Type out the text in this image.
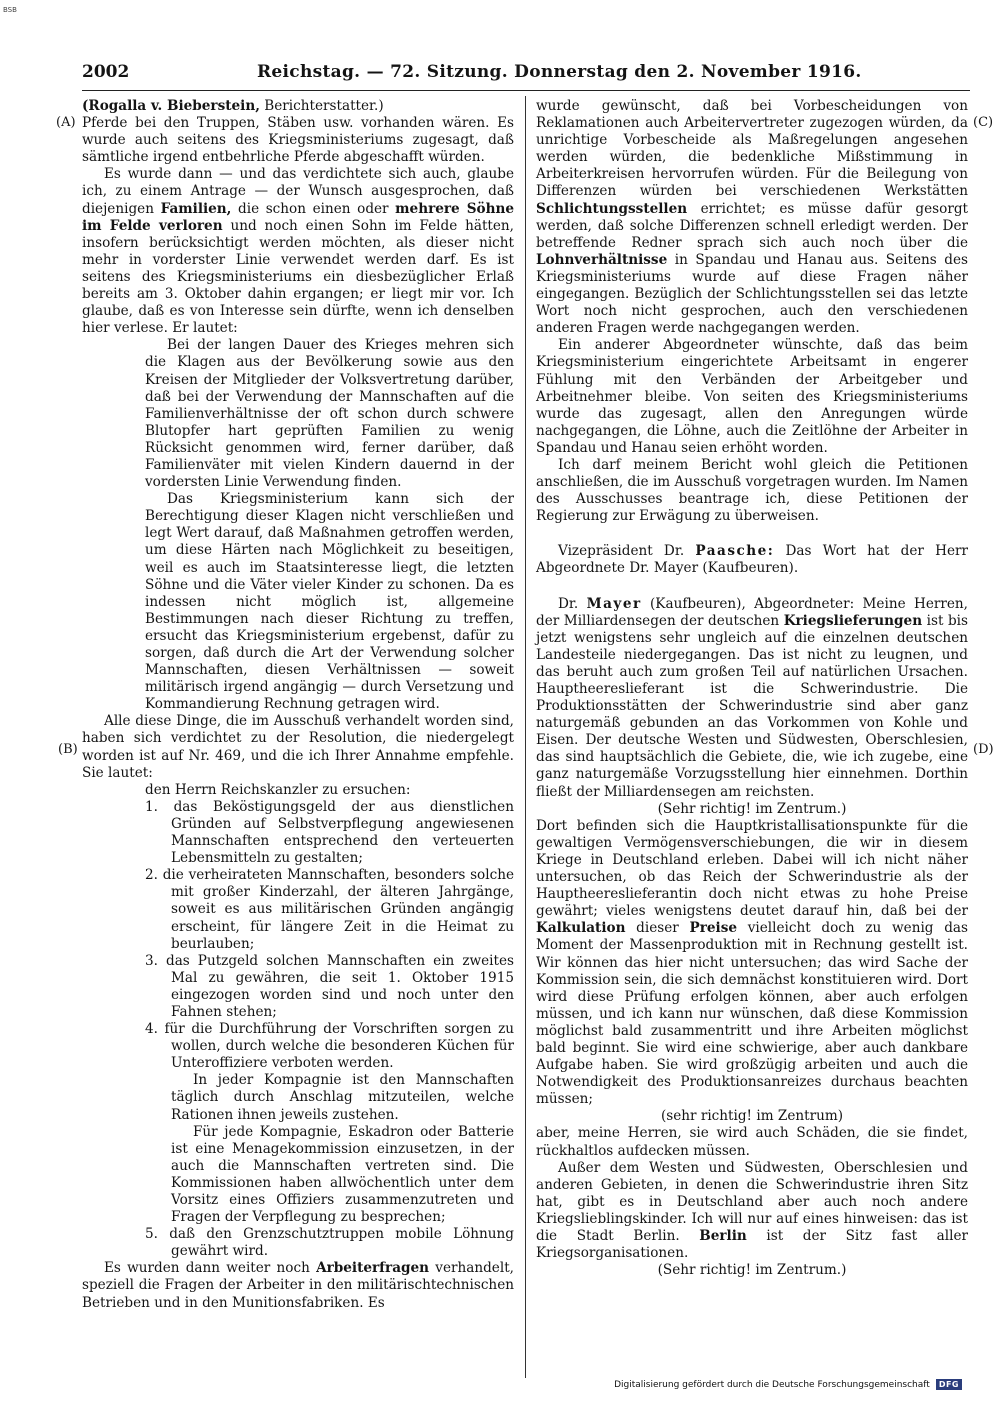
BSB
2002	Reichstag. — 72. Sitzung. Donnerstag den 2. November 1916.
(A)
(B)
(C)
(D)

(Rogalla v. Bieberstein, Berichterstatter.)

Pferde bei den Truppen, Stäben usw. vorhanden wären. Es wurde auch seitens des Kriegsministeriums zugesagt, daß sämtliche irgend entbehrliche Pferde abgeschafft würden.

Es wurde dann — und das verdichtete sich auch, glaube ich, zu einem Antrage — der Wunsch ausgesprochen, daß diejenigen Familien, die schon einen oder mehrere Söhne im Felde verloren und noch einen Sohn im Felde hätten, insofern berücksichtigt werden möchten, als dieser nicht mehr in vorderster Linie verwendet werden darf. Es ist seitens des Kriegsministeriums ein diesbezüglicher Erlaß bereits am 3. Oktober dahin ergangen; er liegt mir vor. Ich glaube, daß es von Interesse sein dürfte, wenn ich denselben hier verlese. Er lautet:

Bei der langen Dauer des Krieges mehren sich die Klagen aus der Bevölkerung sowie aus den Kreisen der Mitglieder der Volksvertretung darüber, daß bei der Verwendung der Mannschaften auf die Familienverhältnisse der oft schon durch schwere Blutopfer hart geprüften Familien zu wenig Rücksicht genommen wird, ferner darüber, daß Familienväter mit vielen Kindern dauernd in der vordersten Linie Verwendung finden.

Das Kriegsministerium kann sich der Berechtigung dieser Klagen nicht verschließen und legt Wert darauf, daß Maßnahmen getroffen werden, um diese Härten nach Möglichkeit zu beseitigen, weil es auch im Staatsinteresse liegt, die letzten Söhne und die Väter vieler Kinder zu schonen. Da es indessen nicht möglich ist, allgemeine Bestimmungen nach dieser Richtung zu treffen, ersucht das Kriegsministerium ergebenst, dafür zu sorgen, daß durch die Art der Verwendung solcher Mannschaften, diesen Verhältnissen — soweit militärisch irgend angängig — durch Versetzung und Kommandierung Rechnung getragen wird.

Alle diese Dinge, die im Ausschuß verhandelt worden sind, haben sich verdichtet zu der Resolution, die niedergelegt worden ist auf Nr. 469, und die ich Ihrer Annahme empfehle. Sie lautet:

den Herrn Reichskanzler zu ersuchen:

1. das Beköstigungsgeld der aus dienstlichen Gründen auf Selbstverpflegung angewiesenen Mannschaften entsprechend den verteuerten Lebensmitteln zu gestalten;

2. die verheirateten Mannschaften, besonders solche mit großer Kinderzahl, der älteren Jahrgänge, soweit es aus militärischen Gründen angängig erscheint, für längere Zeit in die Heimat zu beurlauben;

3. das Putzgeld solchen Mannschaften ein zweites Mal zu gewähren, die seit 1. Oktober 1915 eingezogen worden sind und noch unter den Fahnen stehen;

4. für die Durchführung der Vorschriften sorgen zu wollen, durch welche die besonderen Küchen für Unteroffiziere verboten werden.

In jeder Kompagnie ist den Mannschaften täglich durch Anschlag mitzuteilen, welche Rationen ihnen jeweils zustehen.

Für jede Kompagnie, Eskadron oder Batterie ist eine Menagekommission einzusetzen, in der auch die Mannschaften vertreten sind. Die Kommissionen haben allwöchentlich unter dem Vorsitz eines Offiziers zusammenzutreten und Fragen der Verpflegung zu besprechen;

5. daß den Grenzschutztruppen mobile Löhnung gewährt wird.

Es wurden dann weiter noch Arbeiterfragen verhandelt, speziell die Fragen der Arbeiter in den militärischtechnischen Betrieben und in den Munitionsfabriken. Es

wurde gewünscht, daß bei Vorbescheidungen von Reklamationen auch Arbeitervertreter zugezogen würden, da unrichtige Vorbescheide als Maßregelungen angesehen werden würden, die bedenkliche Mißstimmung in Arbeiterkreisen hervorrufen würden. Für die Beilegung von Differenzen würden bei verschiedenen Werkstätten Schlichtungsstellen errichtet; es müsse dafür gesorgt werden, daß solche Differenzen schnell erledigt werden. Der betreffende Redner sprach sich auch noch über die Lohnverhältnisse in Spandau und Hanau aus. Seitens des Kriegsministeriums wurde auf diese Fragen näher eingegangen. Bezüglich der Schlichtungsstellen sei das letzte Wort noch nicht gesprochen, auch den verschiedenen anderen Fragen werde nachgegangen werden.

Ein anderer Abgeordneter wünschte, daß das beim Kriegsministerium eingerichtete Arbeitsamt in engerer Fühlung mit den Verbänden der Arbeitgeber und Arbeitnehmer bleibe. Von seiten des Kriegsministeriums wurde das zugesagt, allen den Anregungen würde nachgegangen, die Löhne, auch die Zeitlöhne der Arbeiter in Spandau und Hanau seien erhöht worden.

Ich darf meinem Bericht wohl gleich die Petitionen anschließen, die im Ausschuß vorgetragen wurden. Im Namen des Ausschusses beantrage ich, diese Petitionen der Regierung zur Erwägung zu überweisen.

Vizepräsident Dr. Paasche: Das Wort hat der Herr Abgeordnete Dr. Mayer (Kaufbeuren).

Dr. Mayer (Kaufbeuren), Abgeordneter: Meine Herren, der Milliardensegen der deutschen Kriegslieferungen ist bis jetzt wenigstens sehr ungleich auf die einzelnen deutschen Landesteile niedergegangen. Das ist nicht zu leugnen, und das beruht auch zum großen Teil auf natürlichen Ursachen. Hauptheereslieferant ist die Schwerindustrie. Die Produktionsstätten der Schwerindustrie sind aber ganz naturgemäß gebunden an das Vorkommen von Kohle und Eisen. Der deutsche Westen und Südwesten, Oberschlesien, das sind hauptsächlich die Gebiete, die, wie ich zugebe, eine ganz naturgemäße Vorzugsstellung hier einnehmen. Dorthin fließt der Milliardensegen am reichsten.

(Sehr richtig! im Zentrum.)

Dort befinden sich die Hauptkristallisationspunkte für die gewaltigen Vermögensverschiebungen, die wir in diesem Kriege in Deutschland erleben. Dabei will ich nicht näher untersuchen, ob das Reich der Schwerindustrie als der Hauptheereslieferantin doch nicht etwas zu hohe Preise gewährt; vieles wenigstens deutet darauf hin, daß bei der Kalkulation dieser Preise vielleicht doch zu wenig das Moment der Massenproduktion mit in Rechnung gestellt ist. Wir können das hier nicht untersuchen; das wird Sache der Kommission sein, die sich demnächst konstituieren wird. Dort wird diese Prüfung erfolgen können, aber auch erfolgen müssen, und ich kann nur wünschen, daß diese Kommission möglichst bald zusammentritt und ihre Arbeiten möglichst bald beginnt. Sie wird eine schwierige, aber auch dankbare Aufgabe haben. Sie wird großzügig arbeiten und auch die Notwendigkeit des Produktionsanreizes durchaus beachten müssen;

(sehr richtig! im Zentrum)

aber, meine Herren, sie wird auch Schäden, die sie findet, rückhaltlos aufdecken müssen.

Außer dem Westen und Südwesten, Oberschlesien und anderen Gebieten, in denen die Schwerindustrie ihren Sitz hat, gibt es in Deutschland aber auch noch andere Kriegslieblingskinder. Ich will nur auf eines hinweisen: das ist die Stadt Berlin. Berlin ist der Sitz fast aller Kriegsorganisationen.

(Sehr richtig! im Zentrum.)

Digitalisierung gefördert durch die Deutsche Forschungsgemeinschaft	DFG
